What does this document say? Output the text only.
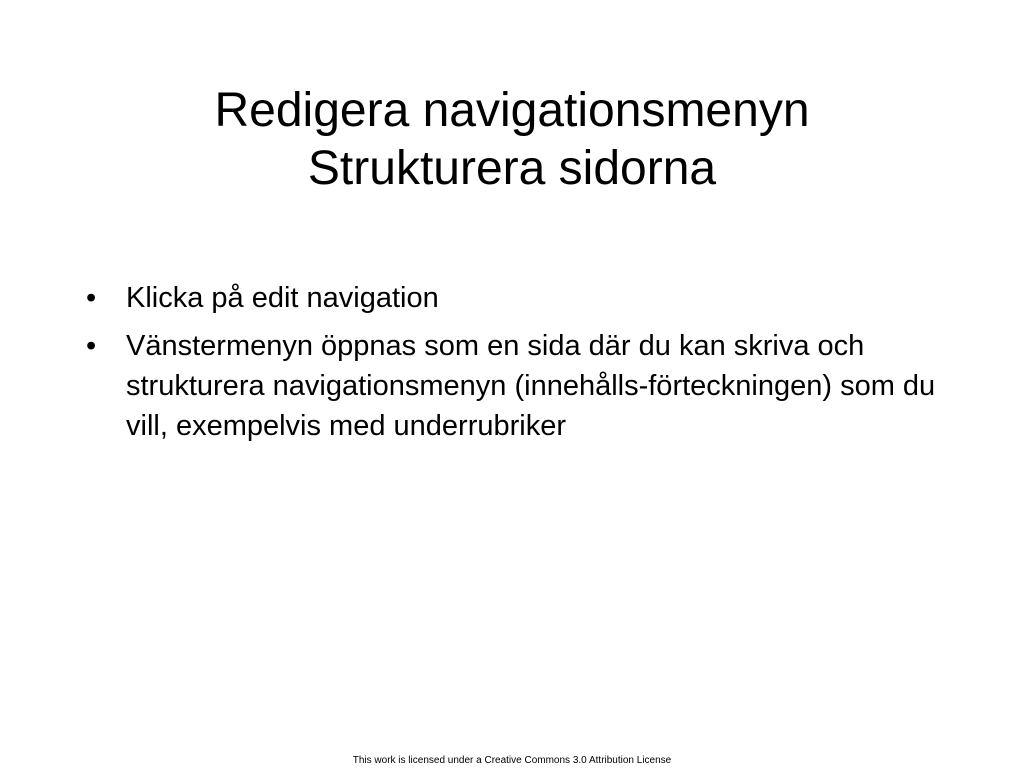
Redigera navigationsmenyn
Strukturera sidorna
•	Klicka på edit navigation
•	Vänstermenyn öppnas som en sida där du kan skriva och strukturera navigationsmenyn (innehålls-förteckningen) som du vill, exempelvis med underrubriker
This work is licensed under a Creative Commons 3.0 Attribution License
